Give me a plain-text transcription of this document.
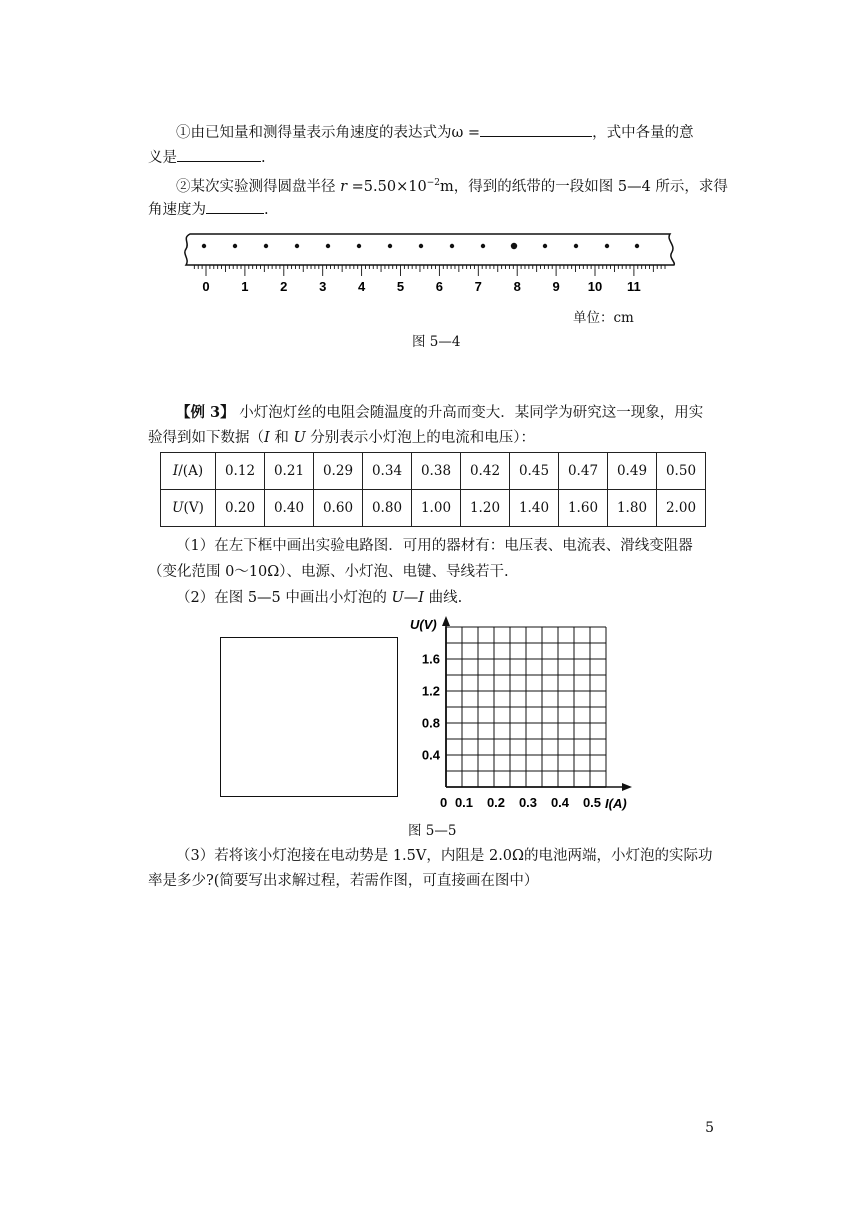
①由已知量和测得量表示角速度的表达式为ω =	，式中各量的意
义是	.
②某次实验测得圆盘半径 $r =5.50\times 10^{-2}m$，得到的纸带的一段如图 5—4 所示，求得
角速度为	.
0 1 2 3 4 5 6 7 8 9 10 11
单位：cm
图 5—4
【例 3】 小灯泡灯丝的电阻会随温度的升高而变大．某同学为研究这一现象，用实
验得到如下数据（I 和 U 分别表示小灯泡上的电流和电压）：
I/(A)	0.12	0.21	0.29	0.34	0.38	0.42	0.45	0.47	0.49	0.50
U(V)	0.20	0.40	0.60	0.80	1.00	1.20	1.40	1.60	1.80	2.00
（1）在左下框中画出实验电路图．可用的器材有：电压表、电流表、滑线变阻器
（变化范围 0～10Ω）、电源、小灯泡、电键、导线若干.
（2）在图 5—5 中画出小灯泡的 U—I 曲线.
U(V)
I(A)
0
1.6
1.2
0.8
0.4
0.1 0.2 0.3 0.4 0.5
图 5—5
（3）若将该小灯泡接在电动势是 1.5V，内阻是 2.0Ω的电池两端，小灯泡的实际功
率是多少?(简要写出求解过程，若需作图，可直接画在图中）
5
